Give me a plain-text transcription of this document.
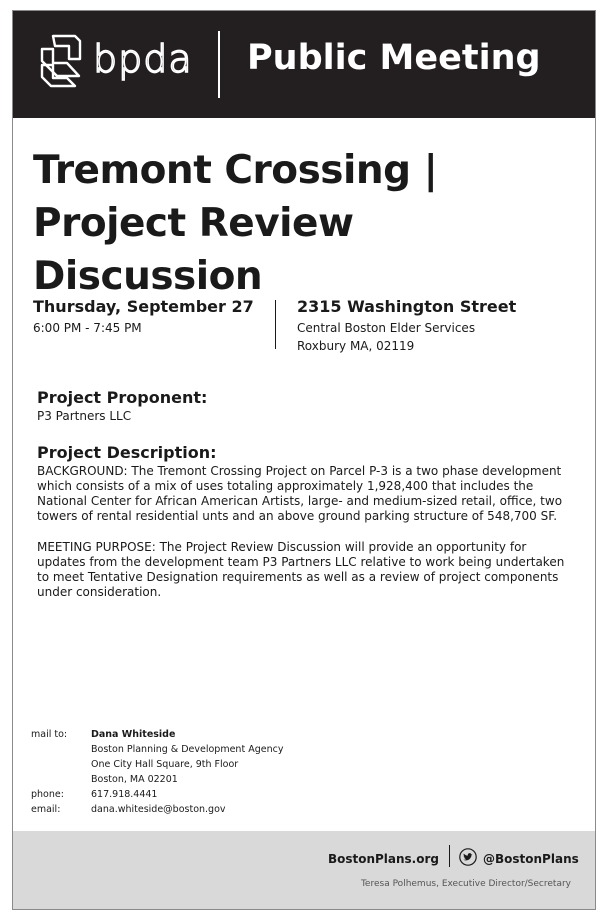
bpda Public Meeting
Tremont Crossing |
Project Review Discussion
Thursday, September 27
6:00 PM - 7:45 PM
2315 Washington Street
Central Boston Elder Services
Roxbury MA, 02119
Project Proponent:
P3 Partners LLC
Project Description:
BACKGROUND: The Tremont Crossing Project on Parcel P-3 is a two phase development which consists of a mix of uses totaling approximately 1,928,400 that includes the National Center for African American Artists, large- and medium-sized retail, office, two towers of rental residential unts and an above ground parking structure of 548,700 SF.
MEETING PURPOSE: The Project Review Discussion will provide an opportunity for updates from the development team P3 Partners LLC relative to work being undertaken to meet Tentative Designation requirements as well as a review of project components under consideration.
mail to:	Dana Whiteside
Boston Planning & Development Agency
One City Hall Square, 9th Floor
Boston, MA 02201
phone:	617.918.4441
email:	dana.whiteside@boston.gov
BostonPlans.org	@BostonPlans
Teresa Polhemus, Executive Director/Secretary
